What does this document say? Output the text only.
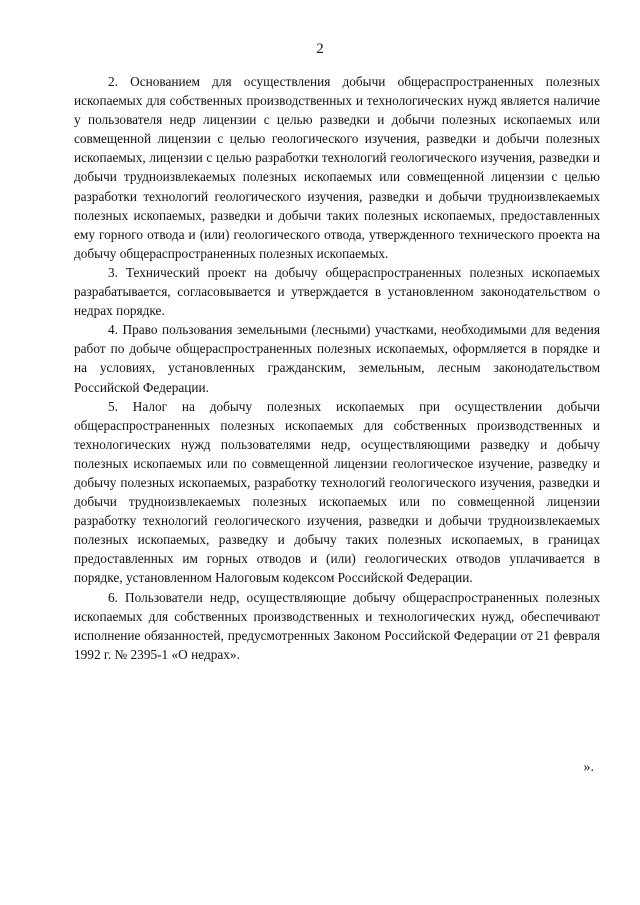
2

2. Основанием для осуществления добычи общераспространенных полезных ископаемых для собственных производственных и технологических нужд является наличие у пользователя недр лицензии с целью разведки и добычи полезных ископаемых или совмещенной лицензии с целью геологического изучения, разведки и добычи полезных ископаемых, лицензии с целью разработки технологий геологического изучения, разведки и добычи трудноизвлекаемых полезных ископаемых или совмещенной лицензии с целью разработки технологий геологического изучения, разведки и добычи трудноизвлекаемых полезных ископаемых, разведки и добычи таких полезных ископаемых, предоставленных ему горного отвода и (или) геологического отвода, утвержденного технического проекта на добычу общераспространенных полезных ископаемых.

3. Технический проект на добычу общераспространенных полезных ископаемых разрабатывается, согласовывается и утверждается в установленном законодательством о недрах порядке.

4. Право пользования земельными (лесными) участками, необходимыми для ведения работ по добыче общераспространенных полезных ископаемых, оформляется в порядке и на условиях, установленных гражданским, земельным, лесным законодательством Российской Федерации.

5. Налог на добычу полезных ископаемых при осуществлении добычи общераспространенных полезных ископаемых для собственных производственных и технологических нужд пользователями недр, осуществляющими разведку и добычу полезных ископаемых или по совмещенной лицензии геологическое изучение, разведку и добычу полезных ископаемых, разработку технологий геологического изучения, разведки и добычи трудноизвлекаемых полезных ископаемых или по совмещенной лицензии разработку технологий геологического изучения, разведки и добычи трудноизвлекаемых полезных ископаемых, разведку и добычу таких полезных ископаемых, в границах предоставленных им горных отводов и (или) геологических отводов уплачивается в порядке, установленном Налоговым кодексом Российской Федерации.

6. Пользователи недр, осуществляющие добычу общераспространенных полезных ископаемых для собственных производственных и технологических нужд, обеспечивают исполнение обязанностей, предусмотренных Законом Российской Федерации от 21 февраля 1992 г. № 2395-1 «О недрах».

».
